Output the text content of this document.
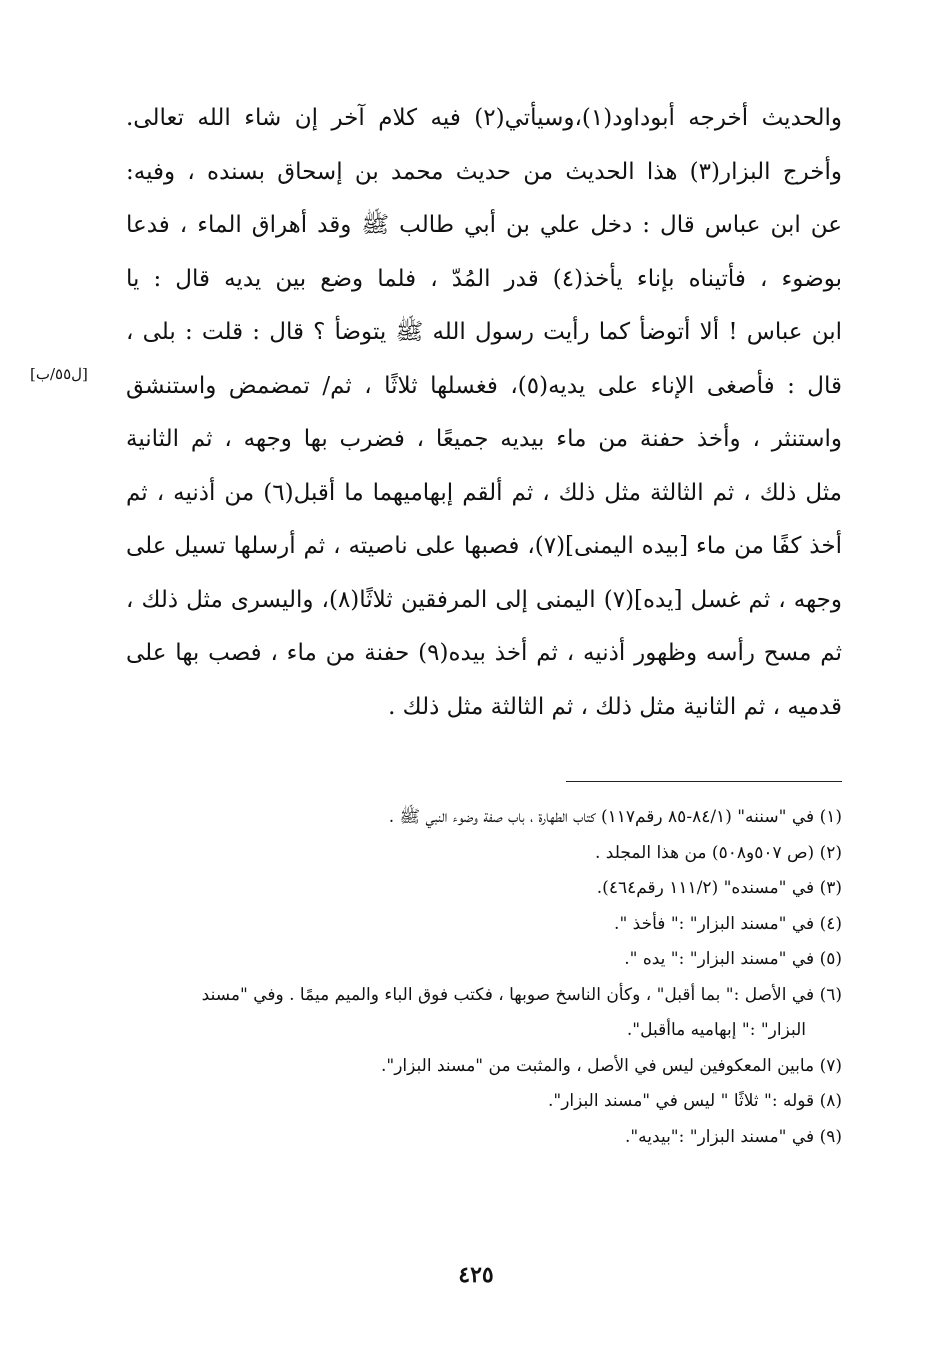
والحديث أخرجه أبوداود(١)،وسيأتي(٢) فيه كلام آخر إن شاء الله تعالى.
وأخرج البزار(٣) هذا الحديث من حديث محمد بن إسحاق بسنده ، وفيه:
عن ابن عباس قال : دخل علي بن أبي طالب ﷺ وقد أهراق الماء ، فدعا
بوضوء ، فأتيناه بإناء يأخذ(٤) قدر المُدّ ، فلما وضع بين يديه قال : يا
ابن عباس ! ألا أتوضأ كما رأيت رسول الله ﷺ يتوضأ ؟ قال : قلت : بلى ،
قال : فأصغى الإناء على يديه(٥)، فغسلها ثلاثًا ، ثم/ تمضمض واستنشق
واستنثر ، وأخذ حفنة من ماء بيديه جميعًا ، فضرب بها وجهه ، ثم الثانية
مثل ذلك ، ثم الثالثة مثل ذلك ، ثم ألقم إبهاميهما ما أقبل(٦) من أذنيه ، ثم
أخذ كفًا من ماء [بيده اليمنى](٧)، فصبها على ناصيته ، ثم أرسلها تسيل على
وجهه ، ثم غسل [يده](٧) اليمنى إلى المرفقين ثلاثًا(٨)، واليسرى مثل ذلك ،
ثم مسح رأسه وظهور أذنيه ، ثم أخذ بيده(٩) حفنة من ماء ، فصب بها على
قدميه ، ثم الثانية مثل ذلك ، ثم الثالثة مثل ذلك .
[ل٥٥/ب]
(١) في "سننه" (٨٤/١-٨٥ رقم١١٧) كتاب الطهارة ، باب صفة وضوء النبي ﷺ .
(٢) (ص ٥٠٧و٥٠٨) من هذا المجلد .
(٣) في "مسنده" (١١١/٢ رقم٤٦٤).
(٤) في "مسند البزار" :" فأخذ ".
(٥) في "مسند البزار" :" يده ".
(٦) في الأصل :" بما أقبل" ، وكأن الناسخ صوبها ، فكتب فوق الباء والميم ميمًا . وفي "مسند
البزار" :" إبهاميه ماأقبل".
(٧) مابين المعكوفين ليس في الأصل ، والمثبت من "مسند البزار".
(٨) قوله :" ثلاثًا " ليس في "مسند البزار".
(٩) في "مسند البزار" :"بيديه".
٤٢٥
